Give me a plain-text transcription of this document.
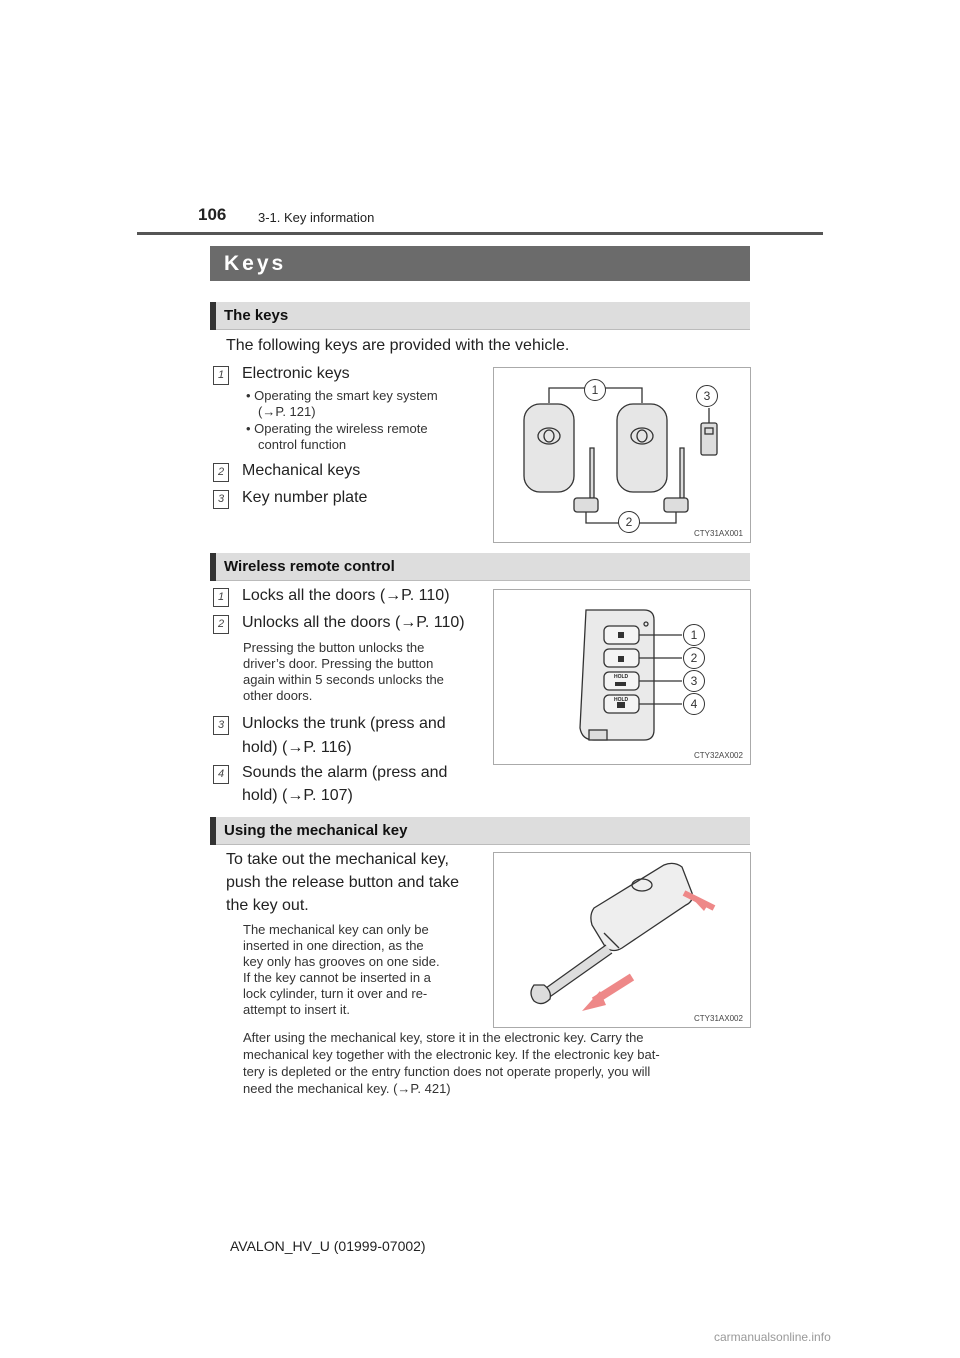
106 3-1. Key information
Keys
The keys
The following keys are provided with the vehicle.
1	Electronic keys
• Operating the smart key system
(→P. 121)
• Operating the wireless remote
control function
2	Mechanical keys
3	Key number plate
1
2
3
CTY31AX001
Wireless remote control
1	Locks all the doors (→P. 110)
2	Unlocks all the doors (→P. 110)
Pressing the button unlocks the
driver’s door. Pressing the button
again within 5 seconds unlocks the
other doors.
3	Unlocks the trunk (press and
hold) (→P. 116)
4	Sounds the alarm (press and
hold) (→P. 107)
HOLD
HOLD
1
2
3
4
CTY32AX002
Using the mechanical key
To take out the mechanical key,
push the release button and take
the key out.
The mechanical key can only be
inserted in one direction, as the
key only has grooves on one side.
If the key cannot be inserted in a
lock cylinder, turn it over and re-
attempt to insert it.
CTY31AX002
After using the mechanical key, store it in the electronic key. Carry the
mechanical key together with the electronic key. If the electronic key bat-
tery is depleted or the entry function does not operate properly, you will
need the mechanical key. (→P. 421)
AVALON_HV_U (01999-07002)
carmanualsonline.info
